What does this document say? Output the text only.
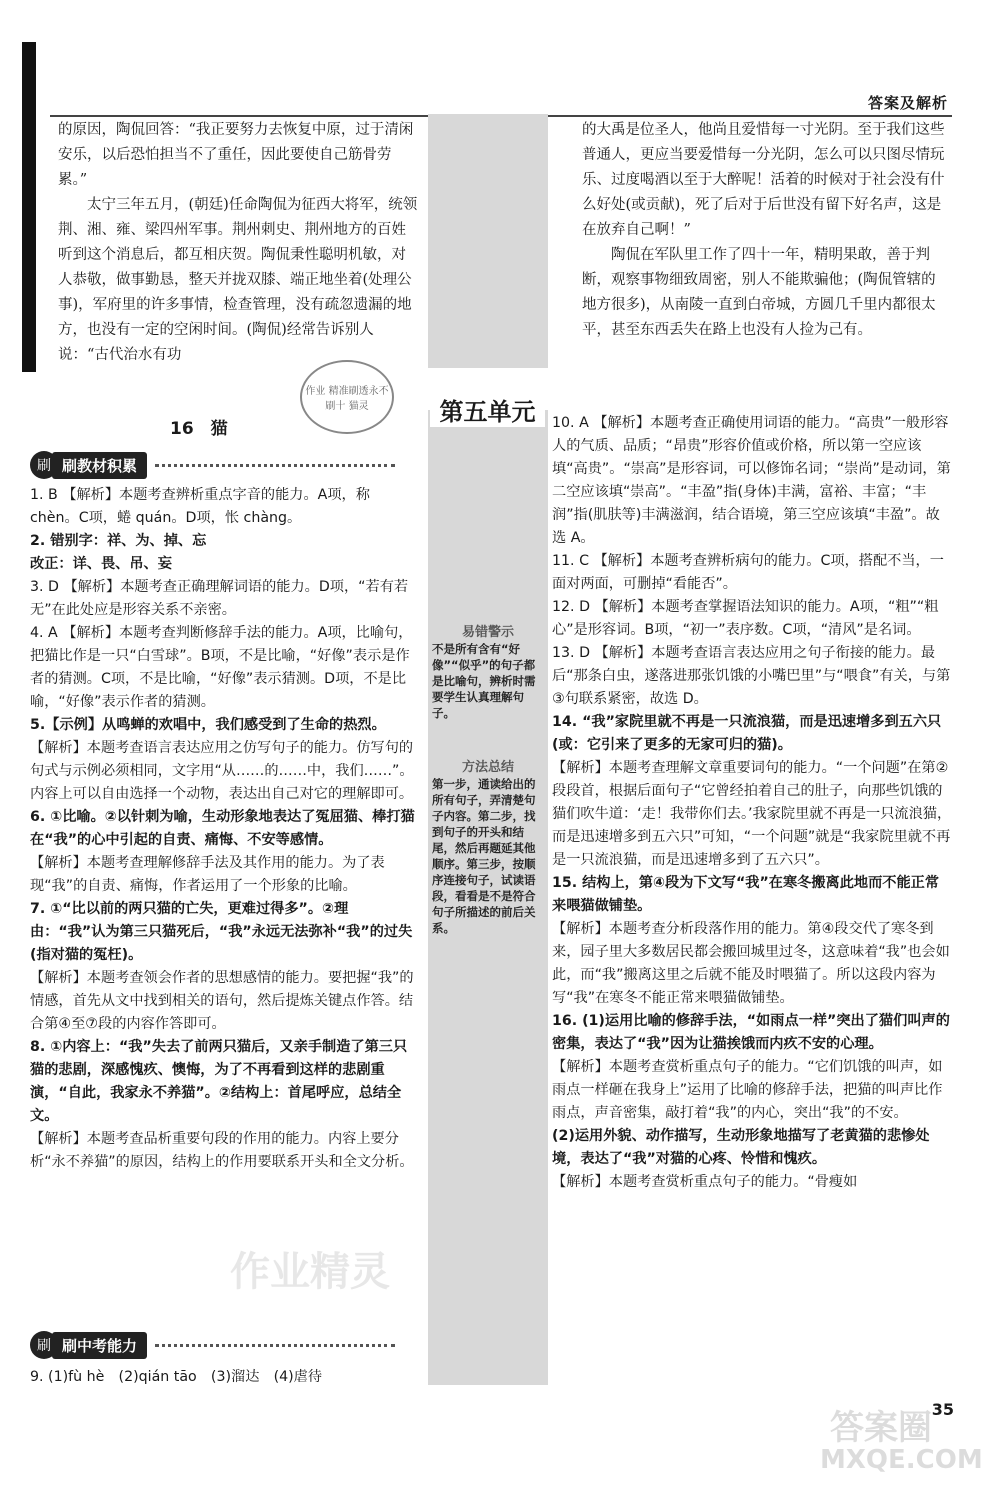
答案及解析

的原因，陶侃回答：“我正要努力去恢复中原，过于清闲安乐，以后恐怕担当不了重任，因此要使自己筋骨劳累。”

太宁三年五月，(朝廷)任命陶侃为征西大将军，统领荆、湘、雍、梁四州军事。荆州刺史、荆州地方的百姓听到这个消息后，都互相庆贺。陶侃秉性聪明机敏，对人恭敬，做事勤恳，整天并拢双膝、端正地坐着(处理公事)，军府里的许多事情，检查管理，没有疏忽遗漏的地方，也没有一定的空闲时间。(陶侃)经常告诉别人说：“古代治水有功

的大禹是位圣人，他尚且爱惜每一寸光阴。至于我们这些普通人，更应当要爱惜每一分光阴，怎么可以只图尽情玩乐、过度喝酒以至于大醉呢！活着的时候对于社会没有什么好处(或贡献)，死了后对于后世没有留下好名声，这是在放弃自己啊！”

陶侃在军队里工作了四十一年，精明果敢，善于判断，观察事物细致周密，别人不能欺骗他；(陶侃管辖的地方很多)，从南陵一直到白帝城，方圆几千里内都很太平，甚至东西丢失在路上也没有人捡为己有。

作业 精准刷透永不刷十 猫灵	第五单元
16　猫
刷 刷教材积累

1. B 【解析】本题考查辨析重点字音的能力。A项，称 chèn。C项，蜷 quán。D项，怅 chàng。

2. 错别字：祥、为、掉、忘

改正：详、畏、吊、妄

3. D 【解析】本题考查正确理解词语的能力。D项，“若有若无”在此处应是形容关系不亲密。

4. A 【解析】本题考查判断修辞手法的能力。A项，比喻句，把猫比作是一只“白雪球”。B项，不是比喻，“好像”表示是作者的猜测。C项，不是比喻，“好像”表示猜测。D项，不是比喻，“好像”表示作者的猜测。

5.【示例】从鸣蝉的欢唱中，我们感受到了生命的热烈。

【解析】本题考查语言表达应用之仿写句子的能力。仿写句的句式与示例必须相同，文字用“从……的……中，我们……”。内容上可以自由选择一个动物，表达出自己对它的理解即可。

6. ①比喻。②以针刺为喻，生动形象地表达了冤屈猫、棒打猫在“我”的心中引起的自责、痛悔、不安等感情。

【解析】本题考查理解修辞手法及其作用的能力。为了表现“我”的自责、痛悔，作者运用了一个形象的比喻。

7. ①“比以前的两只猫的亡失，更难过得多”。②理由：“我”认为第三只猫死后，“我”永远无法弥补“我”的过失(指对猫的冤枉)。

【解析】本题考查领会作者的思想感情的能力。要把握“我”的情感，首先从文中找到相关的语句，然后提炼关键点作答。结合第④至⑦段的内容作答即可。

8. ①内容上：“我”失去了前两只猫后，又亲手制造了第三只猫的悲剧，深感愧疚、懊悔，为了不再看到这样的悲剧重演，“自此，我家永不养猫”。②结构上：首尾呼应，总结全文。

【解析】本题考查品析重要句段的作用的能力。内容上要分析“永不养猫”的原因，结构上的作用要联系开头和全文分析。

刷 刷中考能力
9. (1)fù hè　(2)qián tāo　(3)溜达　(4)虐待
易错警示
不是所有含有“好像”“似乎”的句子都是比喻句，辨析时需要学生认真理解句子。
方法总结
第一步，通读给出的所有句子，弄清楚句子内容。第二步，找到句子的开头和结尾，然后再题延其他顺序。第三步，按顺序连接句子，试读语段，看看是不是符合句子所描述的前后关系。

10. A 【解析】本题考查正确使用词语的能力。“高贵”一般形容人的气质、品质；“昂贵”形容价值或价格，所以第一空应该填“高贵”。“崇高”是形容词，可以修饰名词；“崇尚”是动词，第二空应该填“崇高”。“丰盈”指(身体)丰满，富裕、丰富；“丰润”指(肌肤等)丰满滋润，结合语境，第三空应该填“丰盈”。故选 A。

11. C 【解析】本题考查辨析病句的能力。C项，搭配不当，一面对两面，可删掉“看能否”。

12. D 【解析】本题考查掌握语法知识的能力。A项，“粗”“粗心”是形容词。B项，“初一”表序数。C项，“清风”是名词。

13. D 【解析】本题考查语言表达应用之句子衔接的能力。最后“那条白虫，遂落进那张饥饿的小嘴巴里”与“喂食”有关，与第③句联系紧密，故选 D。

14. “我”家院里就不再是一只流浪猫，而是迅速增多到五六只(或：它引来了更多的无家可归的猫)。

【解析】本题考查理解文章重要词句的能力。“一个问题”在第②段段首，根据后面句子“它曾经拍着自己的肚子，向那些饥饿的猫们吹牛道：‘走！我带你们去。’我家院里就不再是一只流浪猫，而是迅速增多到五六只”可知，“一个问题”就是“我家院里就不再是一只流浪猫，而是迅速增多到了五六只”。

15. 结构上，第④段为下文写“我”在寒冬搬离此地而不能正常来喂猫做铺垫。

【解析】本题考查分析段落作用的能力。第④段交代了寒冬到来，园子里大多数居民都会搬回城里过冬，这意味着“我”也会如此，而“我”搬离这里之后就不能及时喂猫了。所以这段内容为写“我”在寒冬不能正常来喂猫做铺垫。

16. (1)运用比喻的修辞手法，“如雨点一样”突出了猫们叫声的密集，表达了“我”因为让猫挨饿而内疚不安的心理。

【解析】本题考查赏析重点句子的能力。“它们饥饿的叫声，如雨点一样砸在我身上”运用了比喻的修辞手法，把猫的叫声比作雨点，声音密集，敲打着“我”的内心，突出“我”的不安。

(2)运用外貌、动作描写，生动形象地描写了老黄猫的悲惨处境，表达了“我”对猫的心疼、怜惜和愧疚。

【解析】本题考查赏析重点句子的能力。“骨瘦如

35
作业精灵
答案圈
MXQE.COM
